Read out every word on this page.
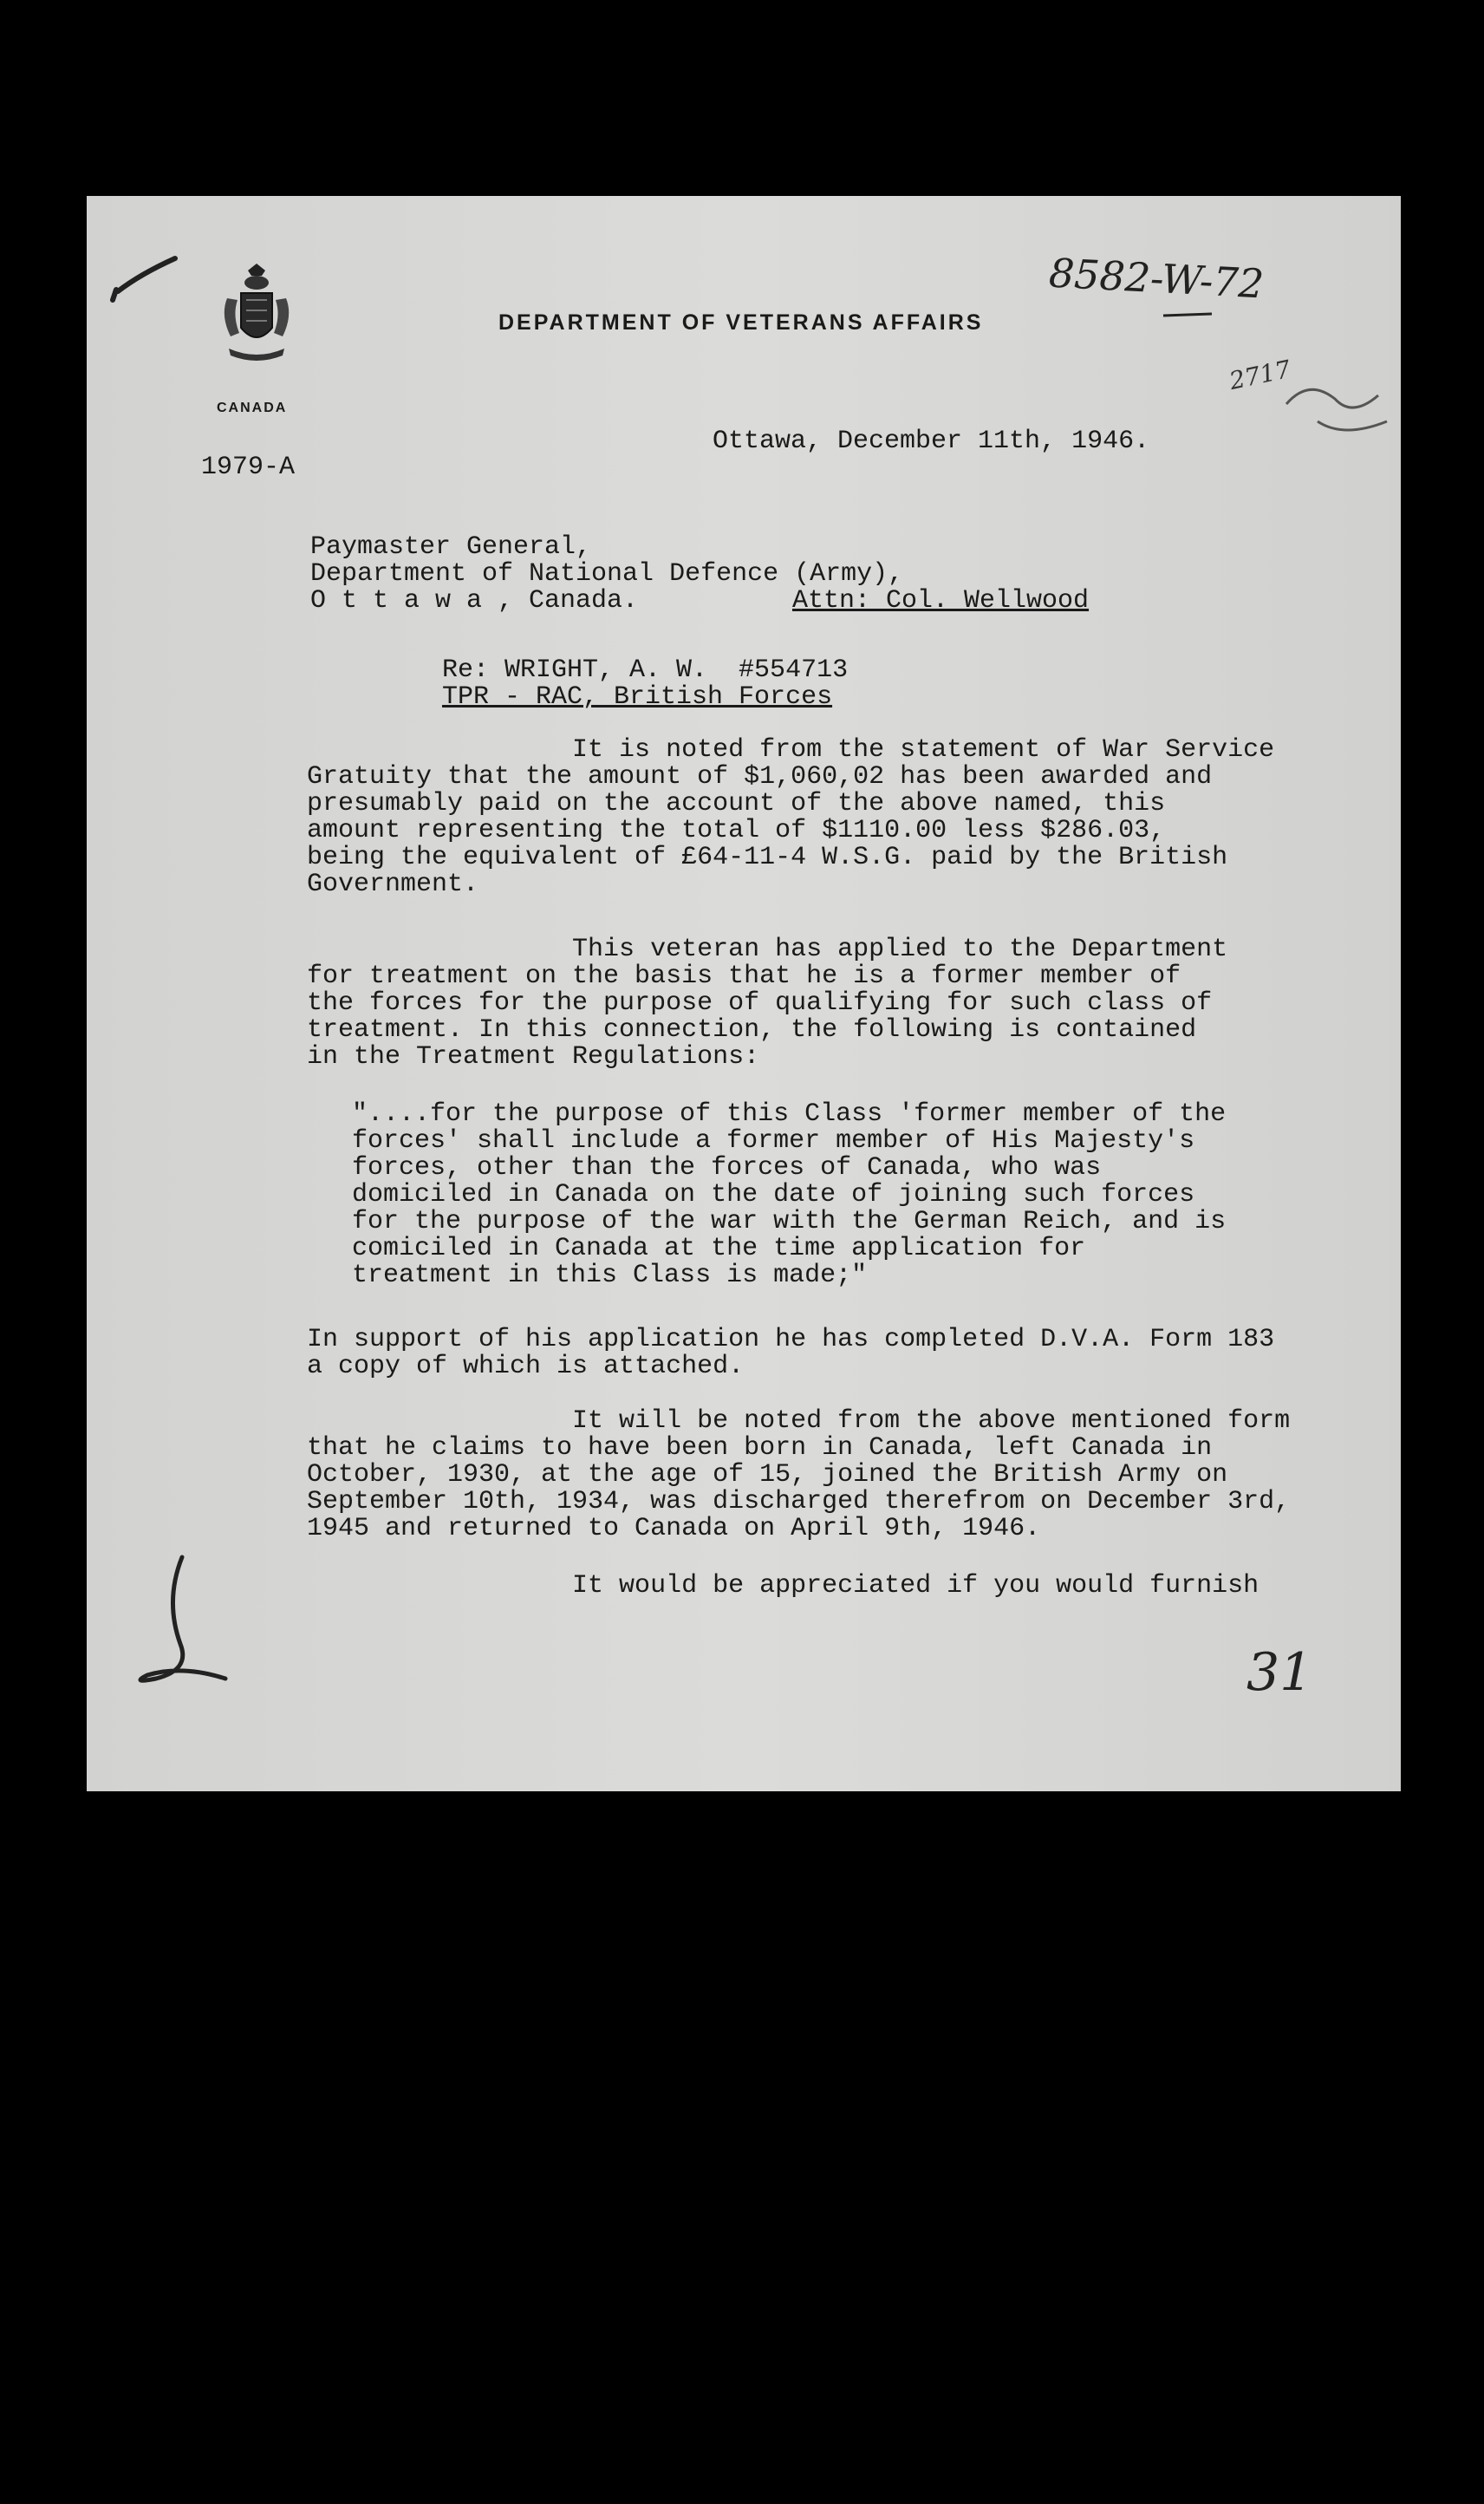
CANADA
DEPARTMENT OF VETERANS AFFAIRS
8582-W-72
2717
1979-A
Ottawa, December 11th, 1946.
Paymaster General,
Department of National Defence (Army),
O t t a w a , Canada.	Attn: Col. Wellwood
Re: WRIGHT, A. W.  #554713
TPR - RAC, British Forces
It is noted from the statement of War Service
Gratuity that the amount of $1,060,02 has been awarded and
presumably paid on the account of the above named, this
amount representing the total of $1110.00 less $286.03,
being the equivalent of £64-11-4 W.S.G. paid by the British
Government.
This veteran has applied to the Department
for treatment on the basis that he is a former member of
the forces for the purpose of qualifying for such class of
treatment. In this connection, the following is contained
in the Treatment Regulations:
"....for the purpose of this Class 'former member of the
forces' shall include a former member of His Majesty's
forces, other than the forces of Canada, who was
domiciled in Canada on the date of joining such forces
for the purpose of the war with the German Reich, and is
comiciled in Canada at the time application for
treatment in this Class is made;"
In support of his application he has completed D.V.A. Form 183
a copy of which is attached.
It will be noted from the above mentioned form
that he claims to have been born in Canada, left Canada in
October, 1930, at the age of 15, joined the British Army on
September 10th, 1934, was discharged therefrom on December 3rd,
1945 and returned to Canada on April 9th, 1946.
It would be appreciated if you would furnish
31
